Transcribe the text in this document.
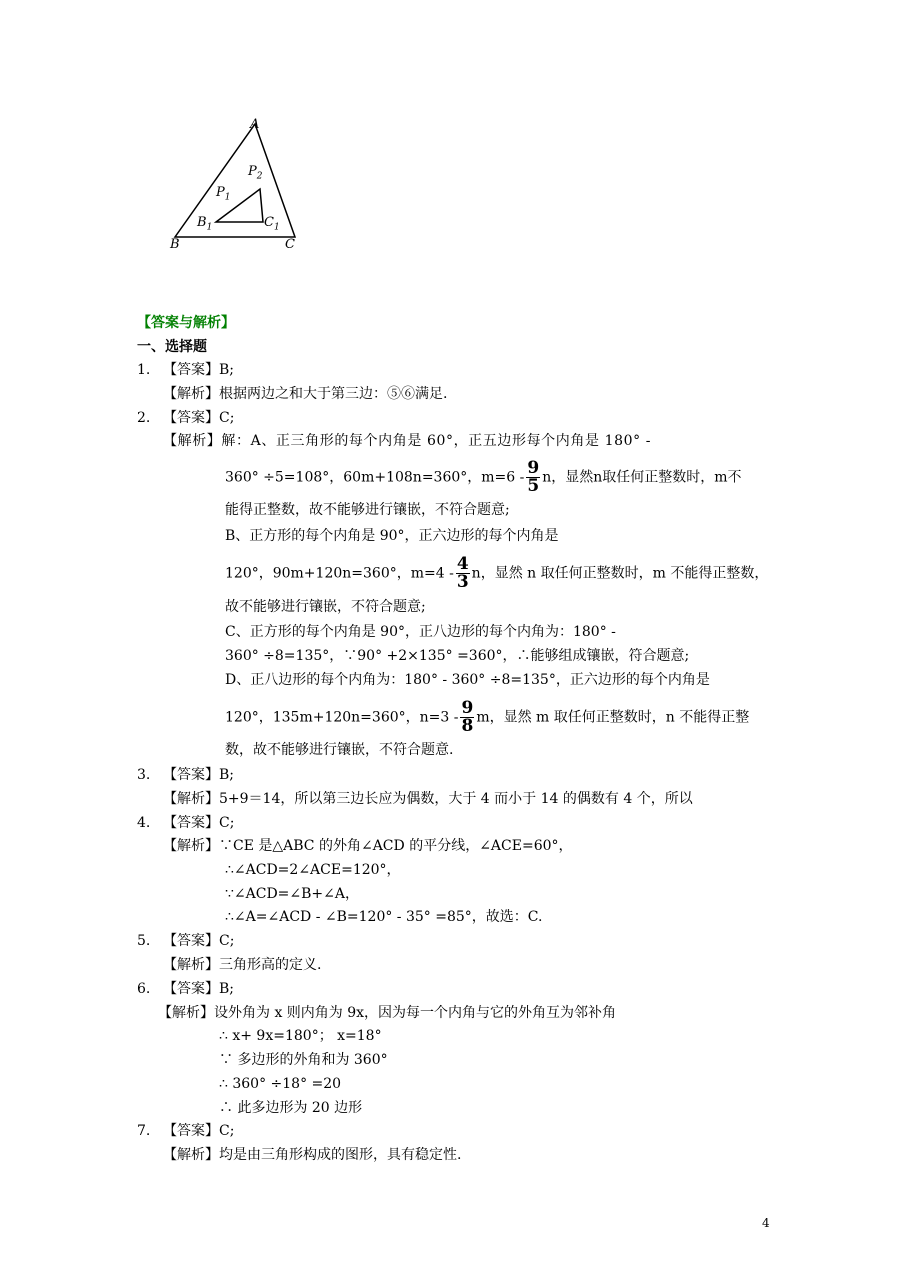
A
$P_2$
$P_1$
$B_1$	$C_1$
B	C
【答案与解析】
一、选择题
1. 【答案】B;
【解析】根据两边之和大于第三边：⑤⑥满足.
2. 【答案】C;
【解析】解：A、正三角形的每个内角是 60°，正五边形每个内角是 180° -
360° ÷5=108°，60m+108n=360°，$m=6 - \frac{9}{5}$ n，显然n取任何正整数时，m不
能得正整数，故不能够进行镶嵌，不符合题意;
B、正方形的每个内角是 90°，正六边形的每个内角是
120°，90m+120n=360°，$m=4 - \frac{4}{3}$ n，显然 n 取任何正整数时，m 不能得正整数，
故不能够进行镶嵌，不符合题意;
C、正方形的每个内角是 90°，正八边形的每个内角为：180° -
360° ÷8=135°，∵90° +2×135° =360°，∴能够组成镶嵌，符合题意;
D、正八边形的每个内角为：180° - 360° ÷8=135°，正六边形的每个内角是
120°，135m+120n=360°，$n=3 - \frac{9}{8}$ m，显然 m 取任何正整数时，n 不能得正整
数，故不能够进行镶嵌，不符合题意.
3. 【答案】B;
【解析】5+9＝14，所以第三边长应为偶数，大于 4 而小于 14 的偶数有 4 个，所以
4. 【答案】C;
【解析】∵CE 是△ABC 的外角∠ACD 的平分线，∠ACE=60°，
∴∠ACD=2∠ACE=120°，
∵∠ACD=∠B+∠A，
∴∠A=∠ACD - ∠B=120° - 35° =85°，故选：C.
5. 【答案】C;
【解析】三角形高的定义.
6. 【答案】B;
【解析】设外角为 x 则内角为 9x，因为每一个内角与它的外角互为邻补角
∴ x+ 9x=180°； x=18°
∵ 多边形的外角和为 360°
∴ 360° ÷18° =20
∴ 此多边形为 20 边形
7. 【答案】C;
【解析】均是由三角形构成的图形，具有稳定性.
4
